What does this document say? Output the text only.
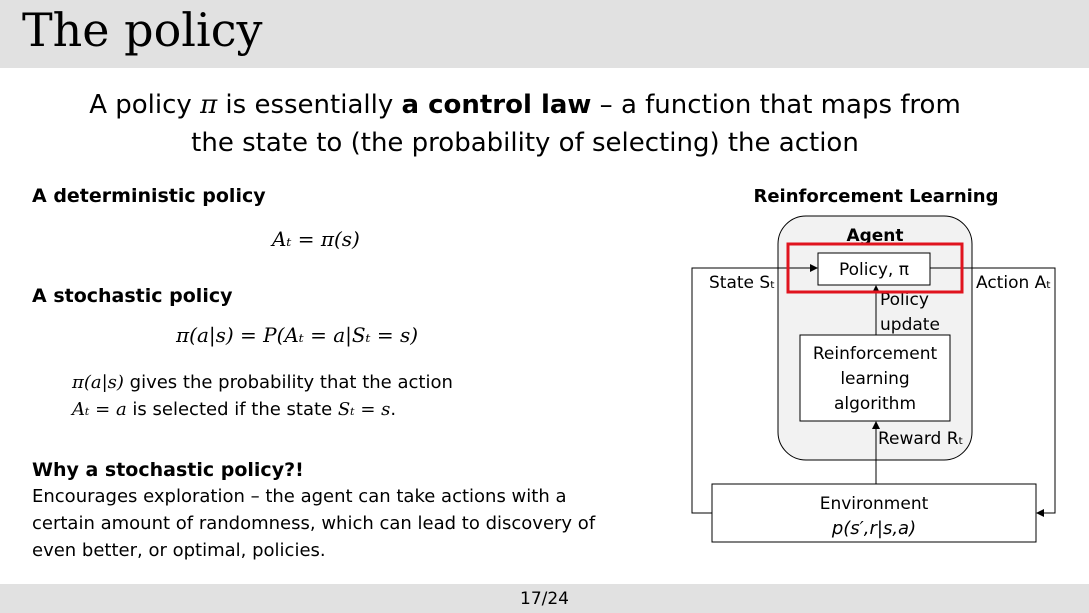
The policy
A policy π is essentially a control law – a function that maps from
the state to (the probability of selecting) the action
A deterministic policy
Aₜ = π(s)
A stochastic policy
π(a|s) = P(Aₜ = a|Sₜ = s)
π(a|s) gives the probability that the action
Aₜ = a is selected if the state Sₜ = s.
Why a stochastic policy?!
Encourages exploration – the agent can take actions with a
certain amount of randomness, which can lead to discovery of
even better, or optimal, policies.
Reinforcement Learning
Agent
Policy, π
Reinforcement
learning
algorithm
Policy
update
Environment
p(s′,r|s,a)
Reward Rₜ
State Sₜ	Action Aₜ
17/24
